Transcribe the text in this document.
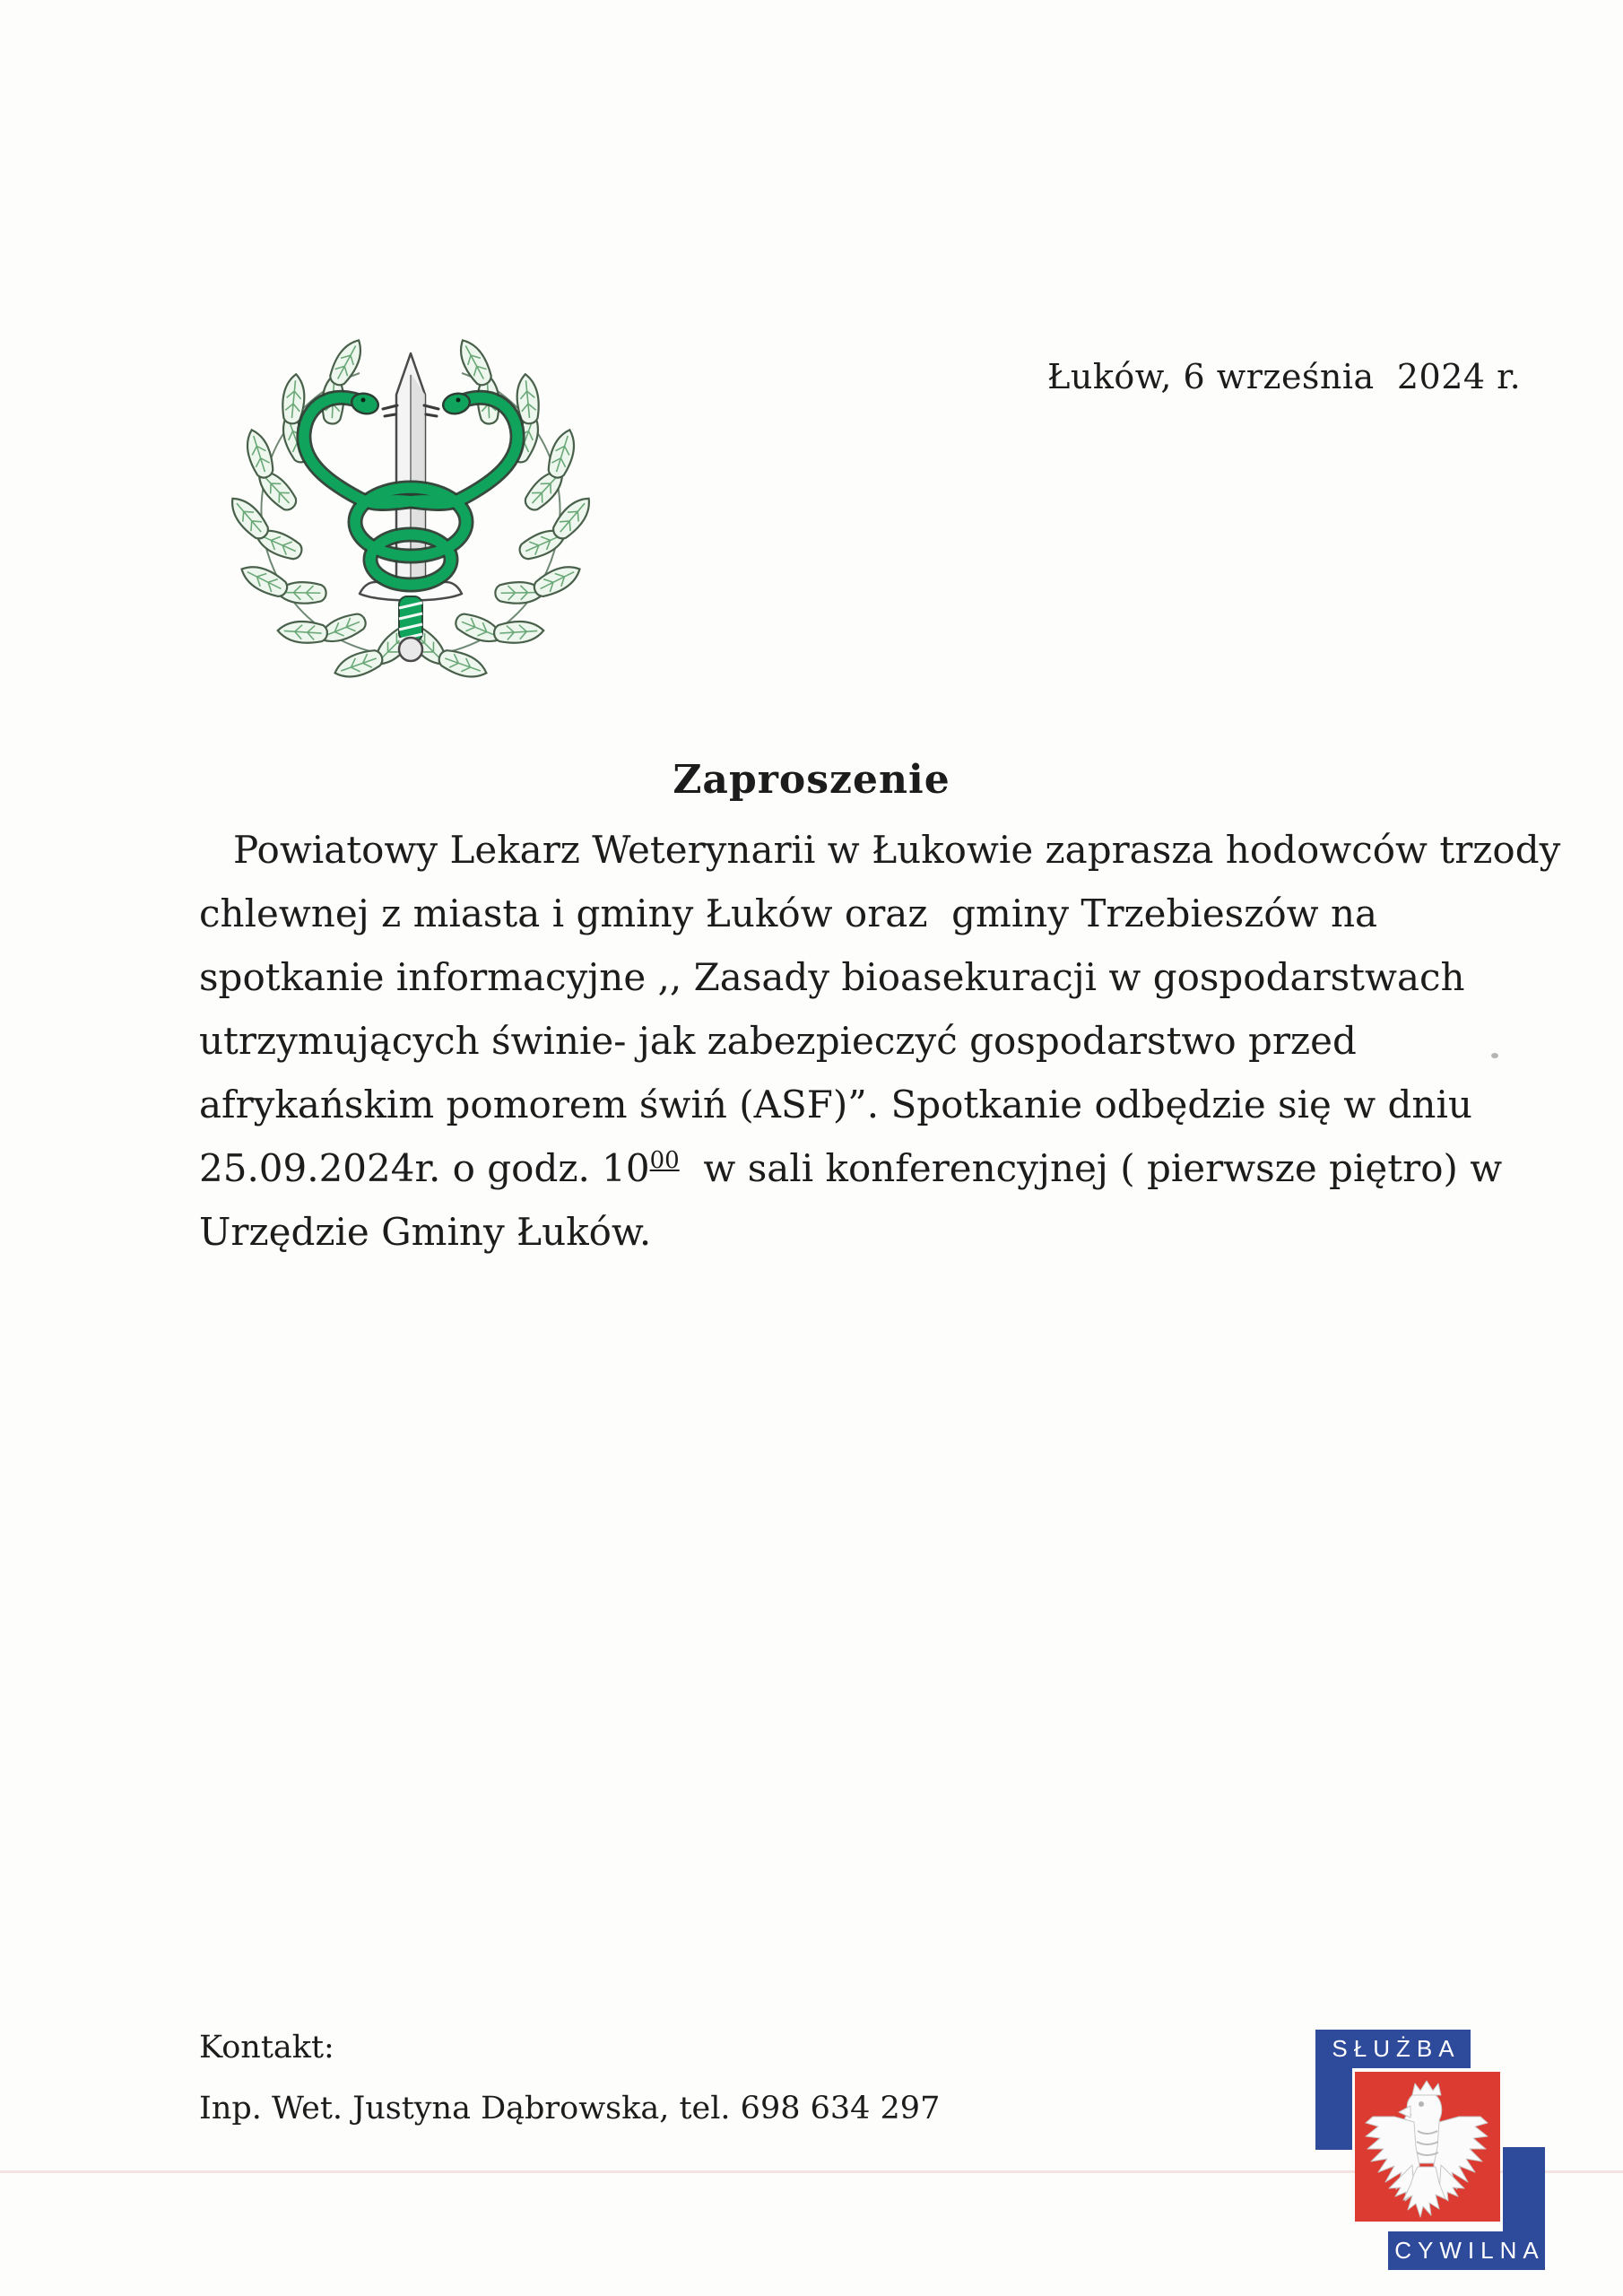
Łuków, 6 września  2024 r.
Zaproszenie
Powiatowy Lekarz Weterynarii w Łukowie zaprasza hodowców trzody
chlewnej z miasta i gminy Łuków oraz  gminy Trzebieszów na
spotkanie informacyjne ,, Zasady bioasekuracji w gospodarstwach
utrzymujących świnie- jak zabezpieczyć gospodarstwo przed
afrykańskim pomorem świń (ASF)”. Spotkanie odbędzie się w dniu
25.09.2024r. o godz. $10^{00}$  w sali konferencyjnej ( pierwsze piętro) w
Urzędzie Gminy Łuków.
Kontakt:
Inp. Wet. Justyna Dąbrowska, tel. 698 634 297
SŁUŻBA
CYWILNA
